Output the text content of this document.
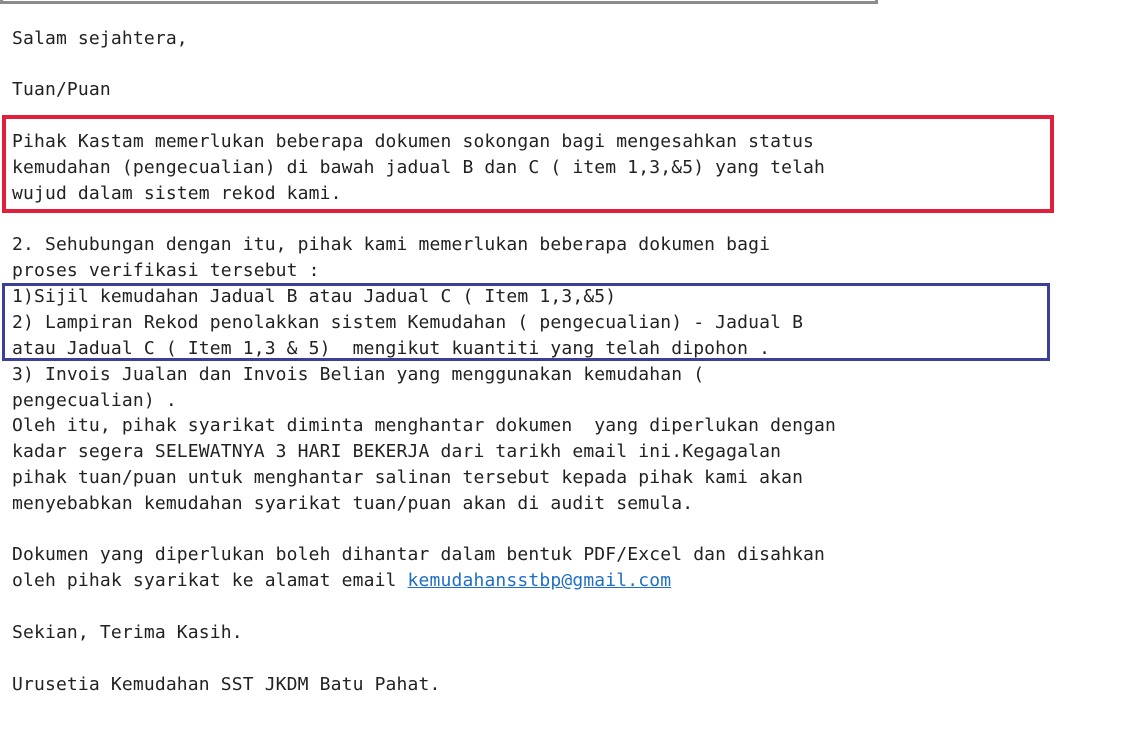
Salam sejahtera,
Tuan/Puan
Pihak Kastam memerlukan beberapa dokumen sokongan bagi mengesahkan status
kemudahan (pengecualian) di bawah jadual B dan C ( item 1,3,&5) yang telah
wujud dalam sistem rekod kami.
2. Sehubungan dengan itu, pihak kami memerlukan beberapa dokumen bagi
proses verifikasi tersebut :
1)Sijil kemudahan Jadual B atau Jadual C ( Item 1,3,&5)
2) Lampiran Rekod penolakkan sistem Kemudahan ( pengecualian) - Jadual B
atau Jadual C ( Item 1,3 & 5)  mengikut kuantiti yang telah dipohon .
3) Invois Jualan dan Invois Belian yang menggunakan kemudahan (
pengecualian) .
Oleh itu, pihak syarikat diminta menghantar dokumen  yang diperlukan dengan
kadar segera SELEWATNYA 3 HARI BEKERJA dari tarikh email ini.Kegagalan
pihak tuan/puan untuk menghantar salinan tersebut kepada pihak kami akan
menyebabkan kemudahan syarikat tuan/puan akan di audit semula.
Dokumen yang diperlukan boleh dihantar dalam bentuk PDF/Excel dan disahkan
oleh pihak syarikat ke alamat email kemudahansstbp@gmail.com
Sekian, Terima Kasih.
Urusetia Kemudahan SST JKDM Batu Pahat.
